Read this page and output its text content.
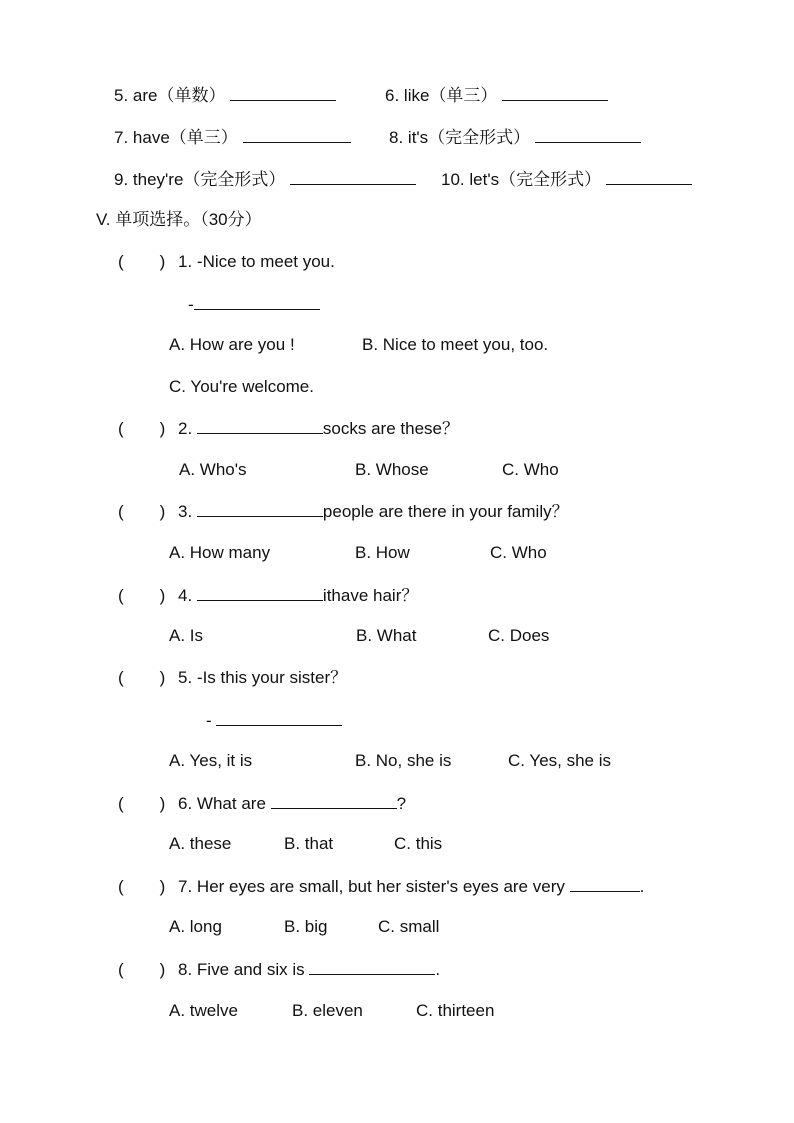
5. are（单数）	6. like（单三）
7. have（单三）	8. it's（完全形式）
9. they're（完全形式）	10. let's（完全形式）
V. 单项选择。（30分）
( ) 1. -Nice to meet you.
-
A. How are you !	B. Nice to meet you, too.
C. You're welcome.
( ) 2.	socks are these？
A. Who's	B. Whose	C. Who
( ) 3.	people are there in your family？
A. How many	B. How	C. Who
( ) 4.	ithave hair？
A. Is	B. What	C. Does
( ) 5. -Is this your sister？
-
A. Yes, it is	B. No, she is	C. Yes, she is
( ) 6. What are	?
A. these	B. that	C. this
( ) 7. Her eyes are small, but her sister's eyes are very	.
A. long	B. big	C. small
( ) 8. Five and six is	.
A. twelve	B. eleven	C. thirteen
